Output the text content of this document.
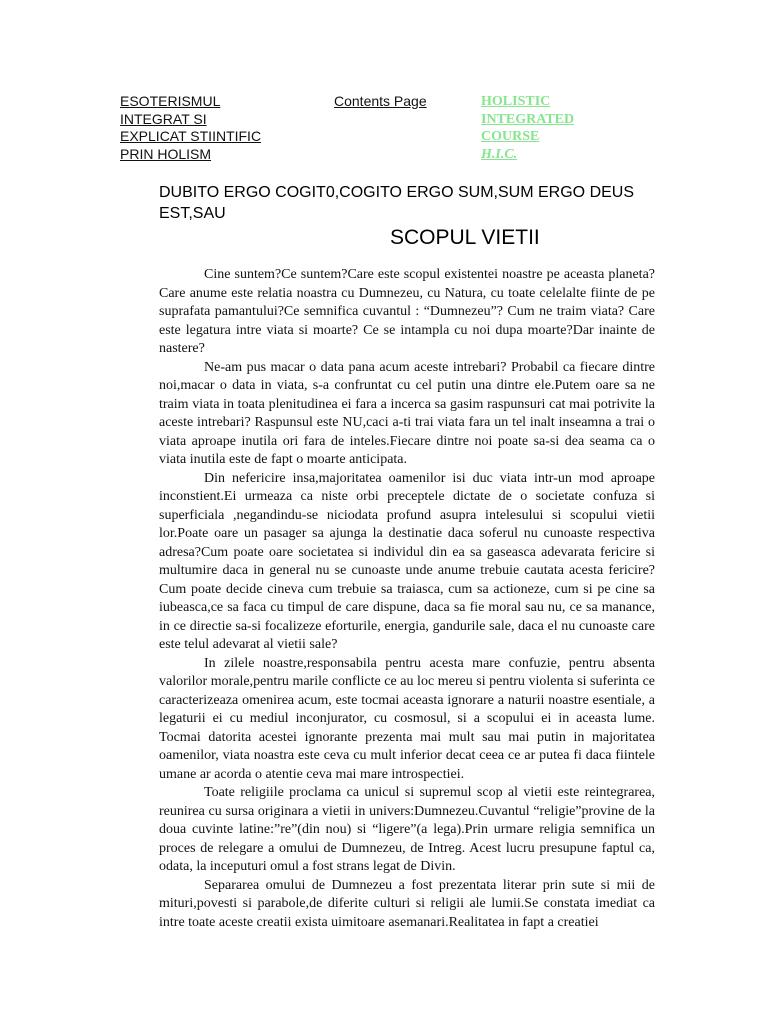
ESOTERISMUL
INTEGRAT SI
EXPLICAT STIINTIFIC
PRIN HOLISM
Contents Page	HOLISTIC
INTEGRATED
COURSE
H.I.C.
DUBITO ERGO COGIT0,COGITO ERGO SUM,SUM ERGO DEUS EST,SAU
SCOPUL VIETII

Cine suntem?Ce suntem?Care este scopul existentei noastre pe aceasta planeta?Care anume este relatia noastra cu Dumnezeu, cu Natura, cu toate celelalte fiinte de pe suprafata pamantului?Ce semnifica cuvantul : “Dumnezeu”? Cum ne traim viata? Care este legatura intre viata si moarte? Ce se intampla cu noi dupa moarte?Dar inainte de nastere?

Ne-am pus macar o data pana acum aceste intrebari? Probabil ca fiecare dintre noi,macar o data in viata, s-a confruntat cu cel putin una dintre ele.Putem oare sa ne traim viata in toata plenitudinea ei fara a incerca sa gasim raspunsuri cat mai potrivite la aceste intrebari? Raspunsul este NU,caci a-ti trai viata fara un tel inalt inseamna a trai o viata aproape inutila ori fara de inteles.Fiecare dintre noi poate sa-si dea seama ca o viata inutila este de fapt o moarte anticipata.

Din nefericire insa,majoritatea oamenilor isi duc viata intr-un mod aproape inconstient.Ei urmeaza ca niste orbi preceptele dictate de o societate confuza si superficiala ,negandindu-se niciodata profund asupra intelesului si scopului vietii lor.Poate oare un pasager sa ajunga la destinatie daca soferul nu cunoaste respectiva adresa?Cum poate oare societatea si individul din ea sa gaseasca adevarata fericire si multumire daca in general nu se cunoaste unde anume trebuie cautata acesta fericire?Cum poate decide cineva cum trebuie sa traiasca, cum sa actioneze, cum si pe cine sa iubeasca,ce sa faca cu timpul de care dispune, daca sa fie moral sau nu, ce sa manance, in ce directie sa-si focalizeze eforturile, energia, gandurile sale, daca el nu cunoaste care este telul adevarat al vietii sale?

In zilele noastre,responsabila pentru acesta mare confuzie, pentru absenta valorilor morale,pentru marile conflicte ce au loc mereu si pentru violenta si suferinta ce caracterizeaza omenirea acum, este tocmai aceasta ignorare a naturii noastre esentiale, a legaturii ei cu mediul inconjurator, cu cosmosul, si a scopului ei in aceasta lume. Tocmai datorita acestei ignorante prezenta mai mult sau mai putin in majoritatea oamenilor, viata noastra este ceva cu mult inferior decat ceea ce ar putea fi daca fiintele umane ar acorda o atentie ceva mai mare introspectiei.

Toate religiile proclama ca unicul si supremul scop al vietii este reintegrarea, reunirea cu sursa originara a vietii in univers:Dumnezeu.Cuvantul “religie”provine de la doua cuvinte latine:”re”(din nou) si “ligere”(a lega).Prin urmare religia semnifica un proces de relegare a omului de Dumnezeu, de Intreg. Acest lucru presupune faptul ca, odata, la inceputuri omul a fost strans legat de Divin.

Separarea omului de Dumnezeu a fost prezentata literar prin sute si mii de mituri,povesti si parabole,de diferite culturi si religii ale lumii.Se constata imediat ca intre toate aceste creatii exista uimitoare asemanari.Realitatea in fapt a creatiei
